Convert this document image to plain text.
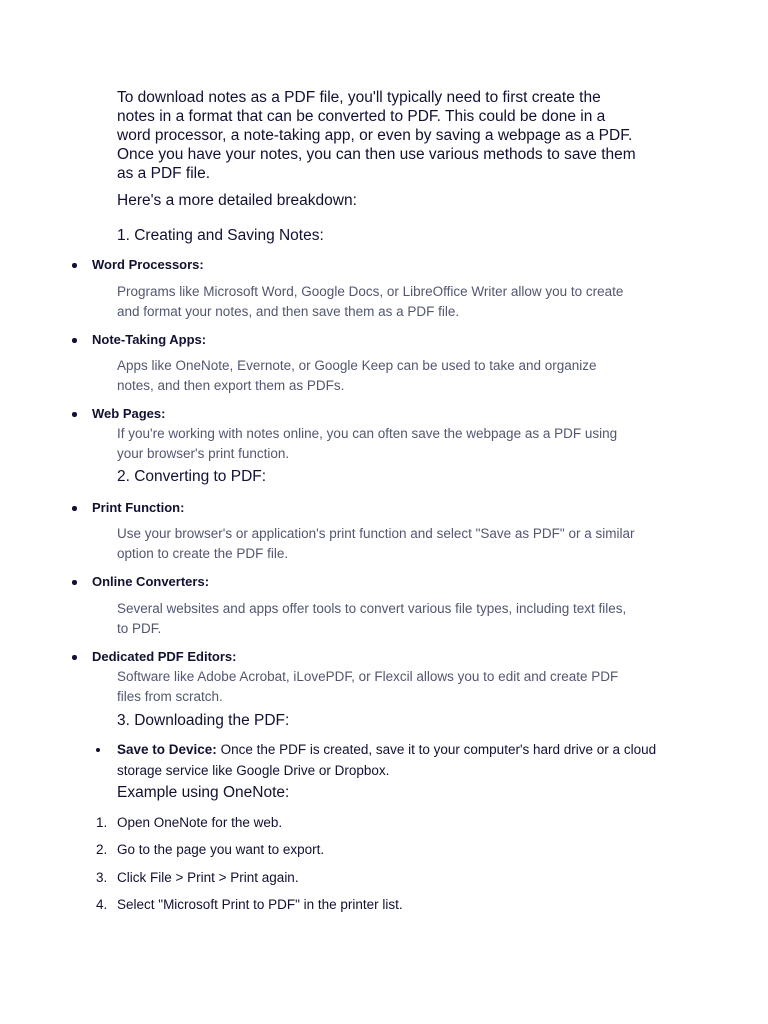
To download notes as a PDF file, you'll typically need to first create the notes in a format that can be converted to PDF. This could be done in a word processor, a note-taking app, or even by saving a webpage as a PDF. Once you have your notes, you can then use various methods to save them as a PDF file.

Here's a more detailed breakdown:

1. Creating and Saving Notes:

Word Processors:

Programs like Microsoft Word, Google Docs, or LibreOffice Writer allow you to create and format your notes, and then save them as a PDF file.

Note-Taking Apps:

Apps like OneNote, Evernote, or Google Keep can be used to take and organize notes, and then export them as PDFs.

Web Pages:

If you're working with notes online, you can often save the webpage as a PDF using your browser's print function.

2. Converting to PDF:

Print Function:

Use your browser's or application's print function and select "Save as PDF" or a similar option to create the PDF file.

Online Converters:

Several websites and apps offer tools to convert various file types, including text files, to PDF.

Dedicated PDF Editors:

Software like Adobe Acrobat, iLovePDF, or Flexcil allows you to edit and create PDF files from scratch.

3. Downloading the PDF:

Save to Device: Once the PDF is created, save it to your computer's hard drive or a cloud storage service like Google Drive or Dropbox.

Example using OneNote:

1. Open OneNote for the web.
2. Go to the page you want to export.
3. Click File > Print > Print again.
4. Select "Microsoft Print to PDF" in the printer list.
